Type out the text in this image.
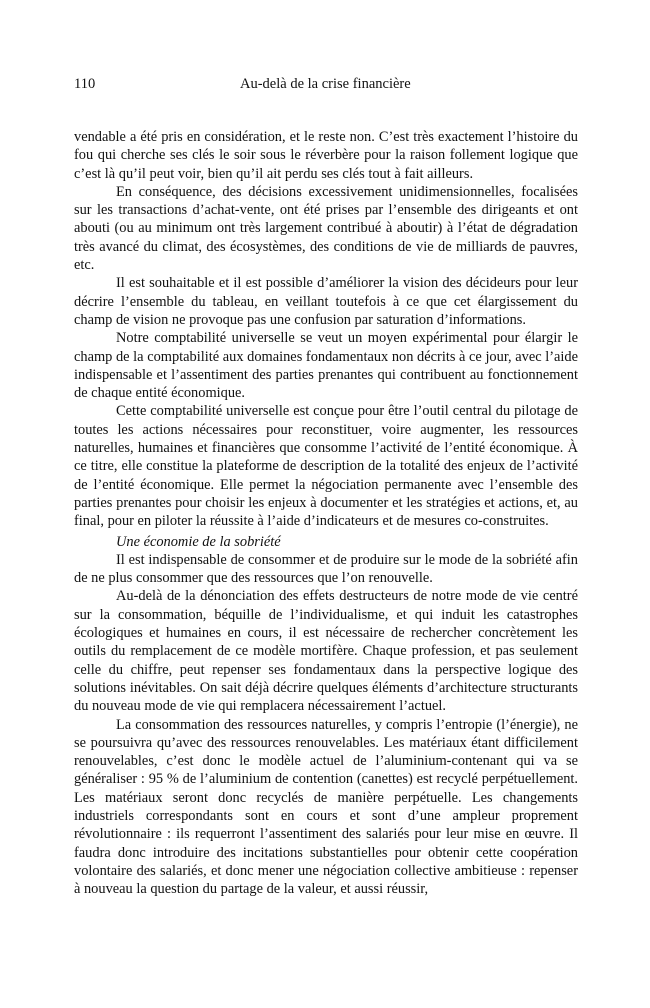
110	Au-delà de la crise financière

vendable a été pris en considération, et le reste non. C’est très exactement l’histoire du fou qui cherche ses clés le soir sous le réverbère pour la raison follement logique que c’est là qu’il peut voir, bien qu’il ait perdu ses clés tout à fait ailleurs.

En conséquence, des décisions excessivement unidimensionnelles, focalisées sur les transactions d’achat-vente, ont été prises par l’ensemble des dirigeants et ont abouti (ou au minimum ont très largement contribué à aboutir) à l’état de dégradation très avancé du climat, des écosystèmes, des conditions de vie de milliards de pauvres, etc.

Il est souhaitable et il est possible d’améliorer la vision des décideurs pour leur décrire l’ensemble du tableau, en veillant toutefois à ce que cet élargissement du champ de vision ne provoque pas une confusion par saturation d’informations.

Notre comptabilité universelle se veut un moyen expérimental pour élargir le champ de la comptabilité aux domaines fondamentaux non décrits à ce jour, avec l’aide indispensable et l’assentiment des parties prenantes qui contribuent au fonctionnement de chaque entité économique.

Cette comptabilité universelle est conçue pour être l’outil central du pilotage de toutes les actions nécessaires pour reconstituer, voire augmenter, les ressources naturelles, humaines et financières que consomme l’activité de l’entité économique. À ce titre, elle constitue la plateforme de description de la totalité des enjeux de l’activité de l’entité économique. Elle permet la négociation permanente avec l’ensemble des parties prenantes pour choisir les enjeux à documenter et les stratégies et actions, et, au final, pour en piloter la réussite à l’aide d’indicateurs et de mesures co-construites.

Une économie de la sobriété

Il est indispensable de consommer et de produire sur le mode de la sobriété afin de ne plus consommer que des ressources que l’on renouvelle.

Au-delà de la dénonciation des effets destructeurs de notre mode de vie centré sur la consommation, béquille de l’individualisme, et qui induit les catastrophes écologiques et humaines en cours, il est nécessaire de rechercher concrètement les outils du remplacement de ce modèle mortifère. Chaque profession, et pas seulement celle du chiffre, peut repenser ses fondamentaux dans la perspective logique des solutions inévitables. On sait déjà décrire quelques éléments d’architecture structurants du nouveau mode de vie qui remplacera nécessairement l’actuel.

La consommation des ressources naturelles, y compris l’entropie (l’énergie), ne se poursuivra qu’avec des ressources renouvelables. Les matériaux étant difficilement renouvelables, c’est donc le modèle actuel de l’aluminium-contenant qui va se généraliser : 95 % de l’aluminium de contention (canettes) est recyclé perpétuellement. Les matériaux seront donc recyclés de manière perpétuelle. Les changements industriels correspondants sont en cours et sont d’une ampleur proprement révolutionnaire : ils requerront l’assentiment des salariés pour leur mise en œuvre. Il faudra donc introduire des incitations substantielles pour obtenir cette coopération volontaire des salariés, et donc mener une négociation collective ambitieuse : repenser à nouveau la question du partage de la valeur, et aussi réussir,
